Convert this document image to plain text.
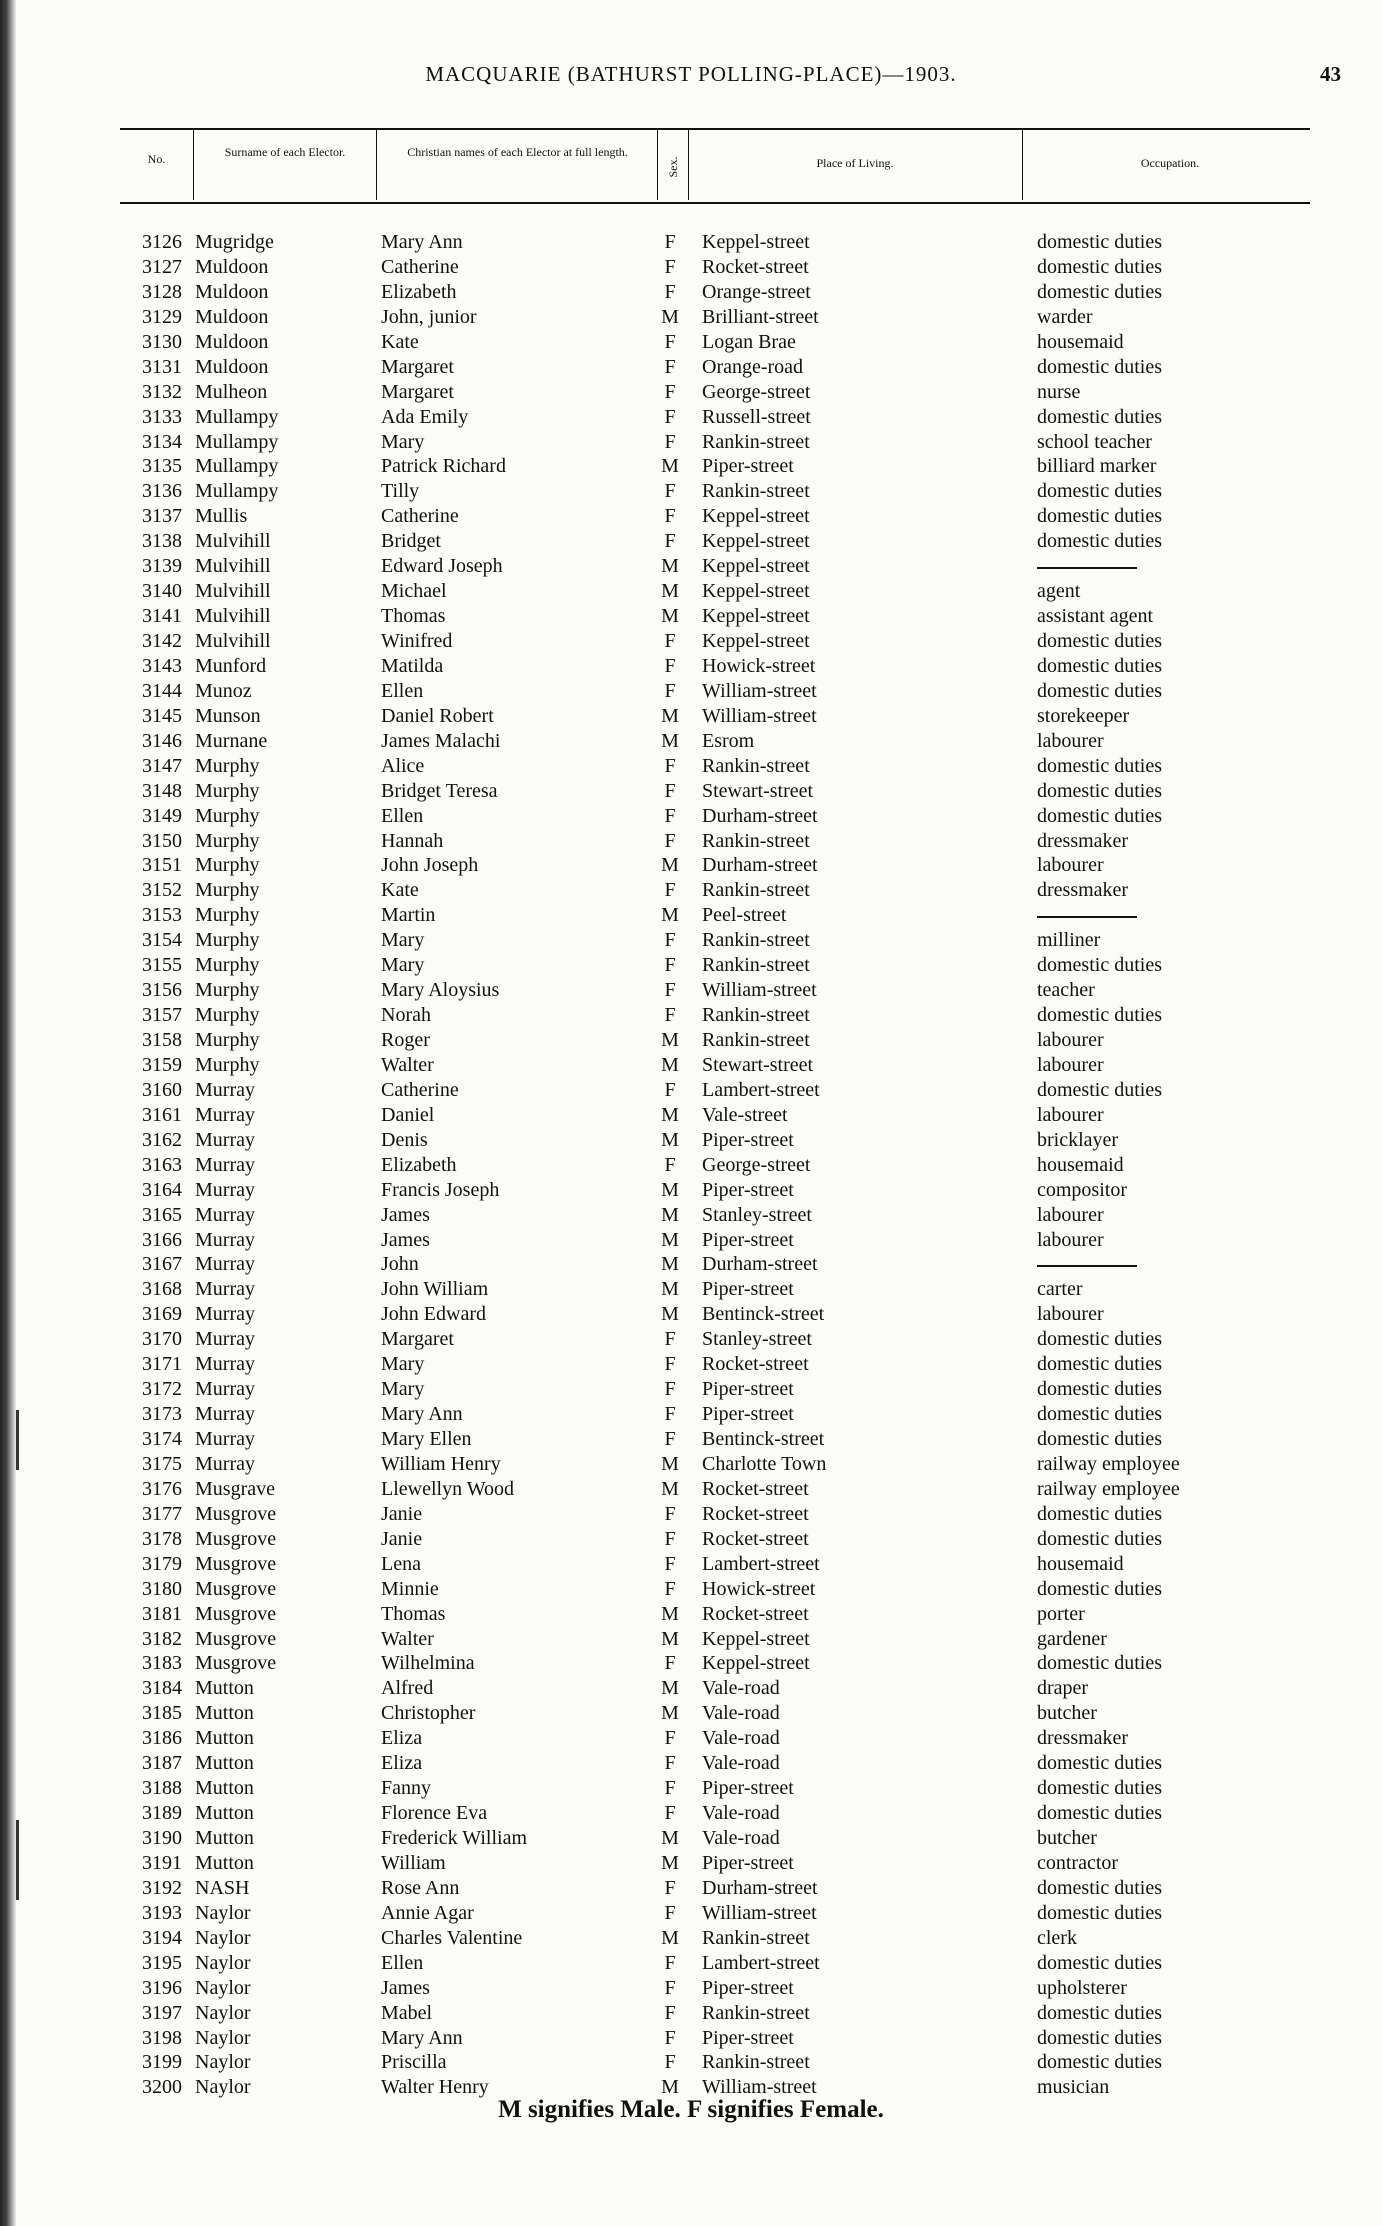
MACQUARIE (BATHURST POLLING-PLACE)—1903.	43
No.	Surname of each Elector.	Christian names of each Elector at full length.
Sex.	Place of Living.	Occupation.
3126 Mugridge	Mary Ann	F Keppel-street	domestic duties
3127 Muldoon	Catherine	F Rocket-street	domestic duties
3128 Muldoon	Elizabeth	F Orange-street	domestic duties
3129 Muldoon	John, junior	M Brilliant-street	warder
3130 Muldoon	Kate	F Logan Brae	housemaid
3131 Muldoon	Margaret	F Orange-road	domestic duties
3132 Mulheon	Margaret	F George-street	nurse
3133 Mullampy	Ada Emily	F Russell-street	domestic duties
3134 Mullampy	Mary	F Rankin-street	school teacher
3135 Mullampy	Patrick Richard	M Piper-street	billiard marker
3136 Mullampy	Tilly	F Rankin-street	domestic duties
3137 Mullis	Catherine	F Keppel-street	domestic duties
3138 Mulvihill	Bridget	F Keppel-street	domestic duties
3139 Mulvihill	Edward Joseph	M Keppel-street
3140 Mulvihill	Michael	M Keppel-street	agent
3141 Mulvihill	Thomas	M Keppel-street	assistant agent
3142 Mulvihill	Winifred	F Keppel-street	domestic duties
3143 Munford	Matilda	F Howick-street	domestic duties
3144 Munoz	Ellen	F William-street	domestic duties
3145 Munson	Daniel Robert	M William-street	storekeeper
3146 Murnane	James Malachi	M Esrom	labourer
3147 Murphy	Alice	F Rankin-street	domestic duties
3148 Murphy	Bridget Teresa	F Stewart-street	domestic duties
3149 Murphy	Ellen	F Durham-street	domestic duties
3150 Murphy	Hannah	F Rankin-street	dressmaker
3151 Murphy	John Joseph	M Durham-street	labourer
3152 Murphy	Kate	F Rankin-street	dressmaker
3153 Murphy	Martin	M Peel-street
3154 Murphy	Mary	F Rankin-street	milliner
3155 Murphy	Mary	F Rankin-street	domestic duties
3156 Murphy	Mary Aloysius	F William-street	teacher
3157 Murphy	Norah	F Rankin-street	domestic duties
3158 Murphy	Roger	M Rankin-street	labourer
3159 Murphy	Walter	M Stewart-street	labourer
3160 Murray	Catherine	F Lambert-street	domestic duties
3161 Murray	Daniel	M Vale-street	labourer
3162 Murray	Denis	M Piper-street	bricklayer
3163 Murray	Elizabeth	F George-street	housemaid
3164 Murray	Francis Joseph	M Piper-street	compositor
3165 Murray	James	M Stanley-street	labourer
3166 Murray	James	M Piper-street	labourer
3167 Murray	John	M Durham-street
3168 Murray	John William	M Piper-street	carter
3169 Murray	John Edward	M Bentinck-street	labourer
3170 Murray	Margaret	F Stanley-street	domestic duties
3171 Murray	Mary	F Rocket-street	domestic duties
3172 Murray	Mary	F Piper-street	domestic duties
3173 Murray	Mary Ann	F Piper-street	domestic duties
3174 Murray	Mary Ellen	F Bentinck-street	domestic duties
3175 Murray	William Henry	M Charlotte Town	railway employee
3176 Musgrave	Llewellyn Wood	M Rocket-street	railway employee
3177 Musgrove	Janie	F Rocket-street	domestic duties
3178 Musgrove	Janie	F Rocket-street	domestic duties
3179 Musgrove	Lena	F Lambert-street	housemaid
3180 Musgrove	Minnie	F Howick-street	domestic duties
3181 Musgrove	Thomas	M Rocket-street	porter
3182 Musgrove	Walter	M Keppel-street	gardener
3183 Musgrove	Wilhelmina	F Keppel-street	domestic duties
3184 Mutton	Alfred	M Vale-road	draper
3185 Mutton	Christopher	M Vale-road	butcher
3186 Mutton	Eliza	F Vale-road	dressmaker
3187 Mutton	Eliza	F Vale-road	domestic duties
3188 Mutton	Fanny	F Piper-street	domestic duties
3189 Mutton	Florence Eva	F Vale-road	domestic duties
3190 Mutton	Frederick William	M Vale-road	butcher
3191 Mutton	William	M Piper-street	contractor
3192 NASH	Rose Ann	F Durham-street	domestic duties
3193 Naylor	Annie Agar	F William-street	domestic duties
3194 Naylor	Charles Valentine	M Rankin-street	clerk
3195 Naylor	Ellen	F Lambert-street	domestic duties
3196 Naylor	James	F Piper-street	upholsterer
3197 Naylor	Mabel	F Rankin-street	domestic duties
3198 Naylor	Mary Ann	F Piper-street	domestic duties
3199 Naylor	Priscilla	F Rankin-street	domestic duties
3200 Naylor	Walter Henry	M William-street	musician
M signifies Male. F signifies Female.
